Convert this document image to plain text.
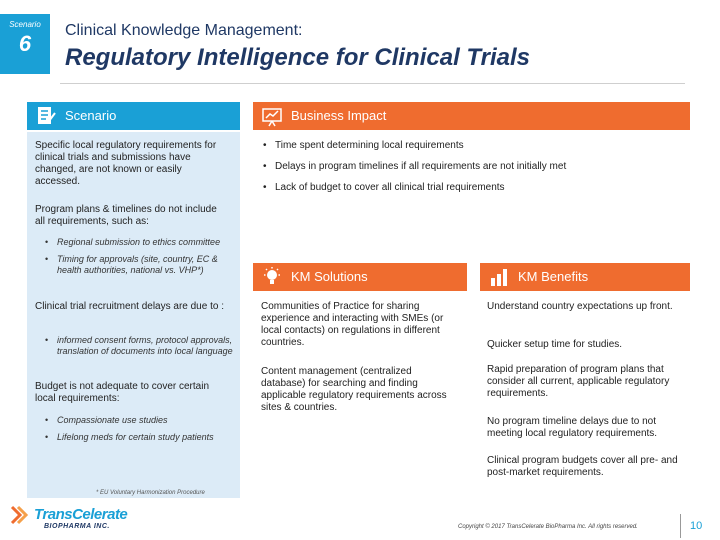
Scenario
6
Clinical Knowledge Management:
Regulatory Intelligence for Clinical Trials
Scenario
Specific local regulatory requirements for clinical trials and submissions have changed, are not known or easily accessed.
Program plans & timelines do not include all requirements, such as:
• Regional submission to ethics committee
• Timing for approvals (site, country, EC & health authorities, national vs. VHP*)
Clinical trial recruitment delays are due to :
• informed consent forms, protocol approvals, translation of documents into local language
Budget is not adequate to cover certain local requirements:
• Compassionate use studies
• Lifelong meds for certain study patients
Business Impact
• Time spent determining local requirements
• Delays in program timelines if all requirements are not initially met
• Lack of budget to cover all clinical trial requirements
KM Solutions
Communities of Practice for sharing experience and interacting with SMEs (or local contacts) on regulations in different countries.
Content management (centralized database) for searching and finding applicable regulatory requirements across sites & countries.
KM Benefits
Understand country expectations up front.
Quicker setup time for studies.
Rapid preparation of program plans that consider all current, applicable regulatory requirements.
No program timeline delays due to not meeting local regulatory requirements.
Clinical program budgets cover all pre- and post-market requirements.
* EU Voluntary Harmonization Procedure
TransCelerate
BIOPHARMA INC.	Copyright © 2017 TransCelerate BioPharma Inc. All rights reserved.	10
